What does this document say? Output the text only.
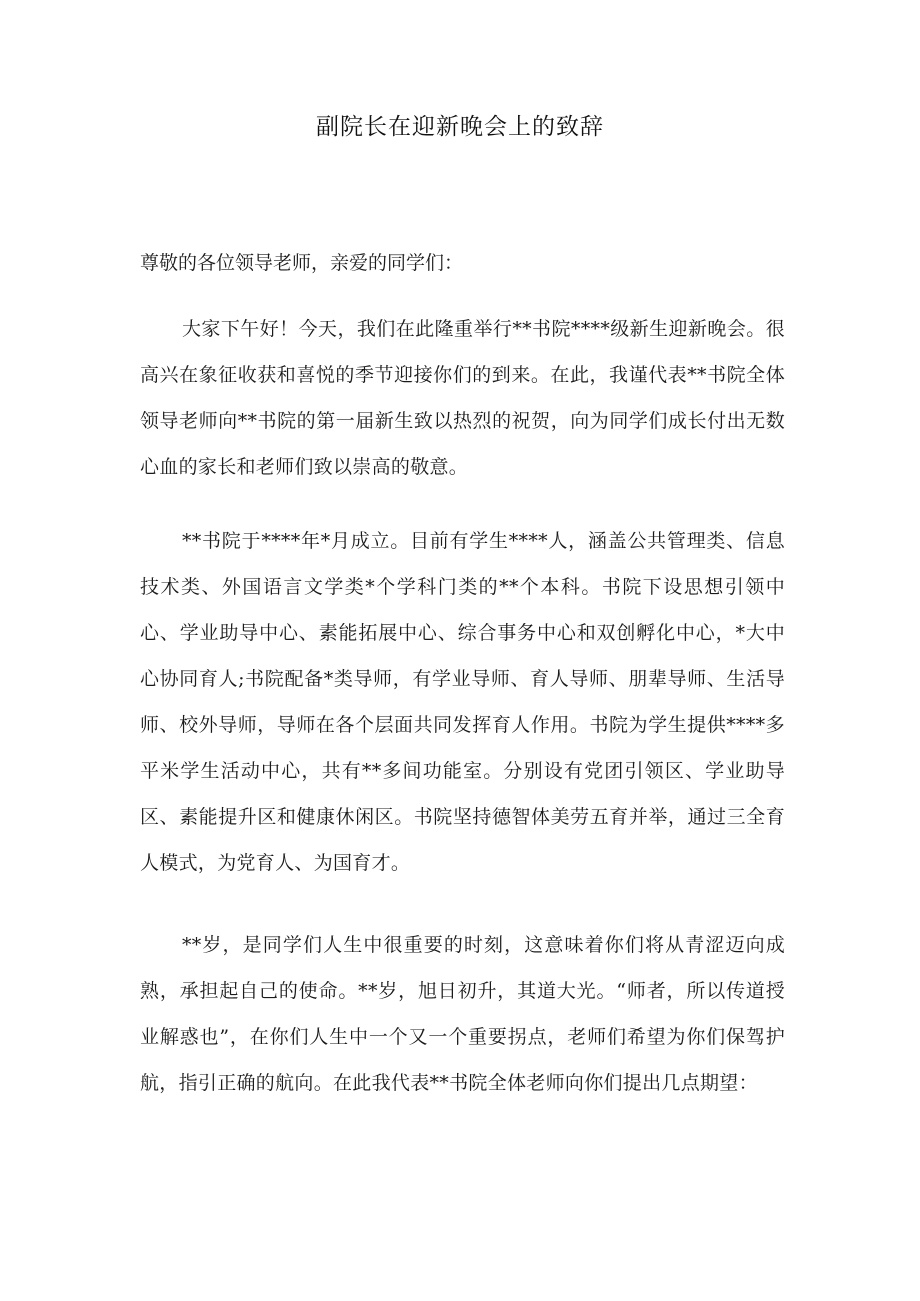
副院长在迎新晚会上的致辞
尊敬的各位领导老师，亲爱的同学们：
大家下午好！今天，我们在此隆重举行**书院****级新生迎新晚会。很高兴在象征收获和喜悦的季节迎接你们的到来。在此，我谨代表**书院全体领导老师向**书院的第一届新生致以热烈的祝贺，向为同学们成长付出无数心血的家长和老师们致以崇高的敬意。
**书院于****年*月成立。目前有学生****人，涵盖公共管理类、信息技术类、外国语言文学类*个学科门类的**个本科。书院下设思想引领中心、学业助导中心、素能拓展中心、综合事务中心和双创孵化中心，*大中心协同育人;书院配备*类导师，有学业导师、育人导师、朋辈导师、生活导师、校外导师，导师在各个层面共同发挥育人作用。书院为学生提供****多平米学生活动中心，共有**多间功能室。分别设有党团引领区、学业助导区、素能提升区和健康休闲区。书院坚持德智体美劳五育并举，通过三全育人模式，为党育人、为国育才。
**岁，是同学们人生中很重要的时刻，这意味着你们将从青涩迈向成熟，承担起自己的使命。**岁，旭日初升，其道大光。“师者，所以传道授业解惑也”，在你们人生中一个又一个重要拐点，老师们希望为你们保驾护航，指引正确的航向。在此我代表**书院全体老师向你们提出几点期望：
